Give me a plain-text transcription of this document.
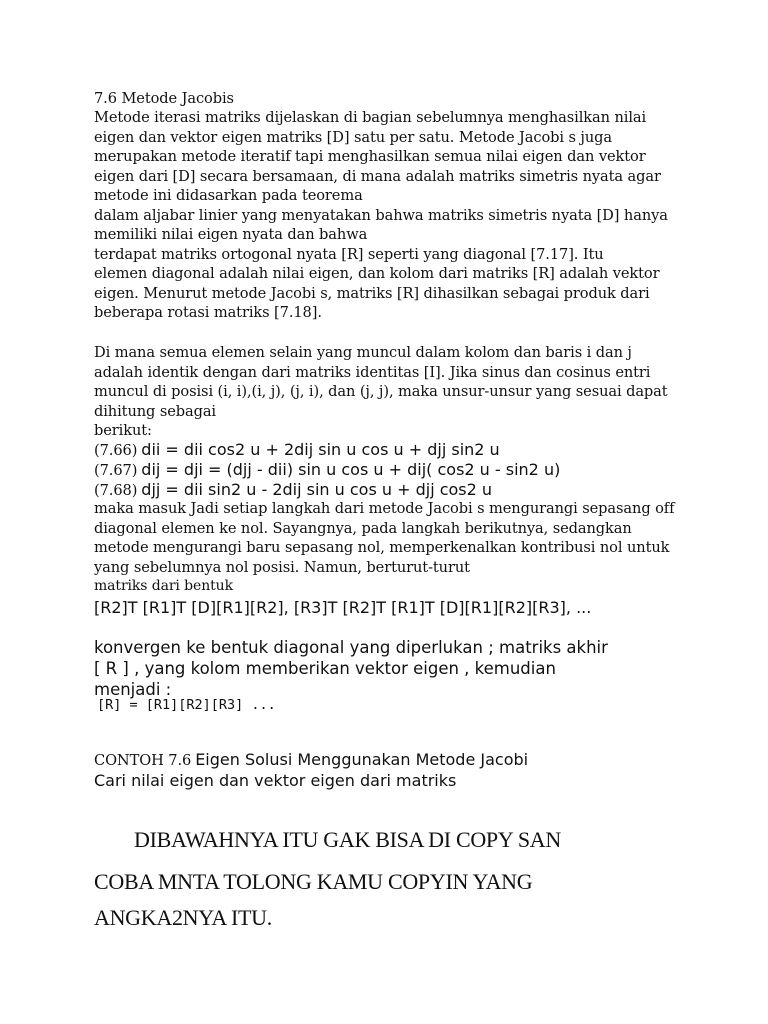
7.6 Metode Jacobis
Metode iterasi matriks dijelaskan di bagian sebelumnya menghasilkan nilai
eigen dan vektor eigen matriks [D] satu per satu. Metode Jacobi s juga
merupakan metode iteratif tapi menghasilkan semua nilai eigen dan vektor
eigen dari [D] secara bersamaan, di mana adalah matriks simetris nyata agar
metode ini didasarkan pada teorema
dalam aljabar linier yang menyatakan bahwa matriks simetris nyata [D] hanya
memiliki nilai eigen nyata dan bahwa
terdapat matriks ortogonal nyata [R] seperti yang diagonal [7.17]. Itu
elemen diagonal adalah nilai eigen, dan kolom dari matriks [R] adalah vektor
eigen. Menurut metode Jacobi s, matriks [R] dihasilkan sebagai produk dari
beberapa rotasi matriks [7.18].
Di mana semua elemen selain yang muncul dalam kolom dan baris i dan j
adalah identik dengan dari matriks identitas [I]. Jika sinus dan cosinus entri
muncul di posisi (i, i),(i, j), (j, i), dan (j, j), maka unsur-unsur yang sesuai dapat
dihitung sebagai
berikut:
(7.66) dii = dii cos2 u + 2dij sin u cos u + djj sin2 u
(7.67) dij = dji = (djj - dii) sin u cos u + dij( cos2 u - sin2 u)
(7.68) djj = dii sin2 u - 2dij sin u cos u + djj cos2 u
maka masuk Jadi setiap langkah dari metode Jacobi s mengurangi sepasang off
diagonal elemen ke nol. Sayangnya, pada langkah berikutnya, sedangkan
metode mengurangi baru sepasang nol, memperkenalkan kontribusi nol untuk
yang sebelumnya nol posisi. Namun, berturut-turut
matriks dari bentuk
[R2]T [R1]T [D][R1][R2], [R3]T [R2]T [R1]T [D][R1][R2][R3], ...
konvergen ke bentuk diagonal yang diperlukan ; matriks akhir
[ R ] , yang kolom memberikan vektor eigen , kemudian
menjadi :
[R] = [R1][R2][R3] ...
CONTOH 7.6 Eigen Solusi Menggunakan Metode Jacobi
Cari nilai eigen dan vektor eigen dari matriks
DIBAWAHNYA ITU GAK BISA DI COPY SAN
COBA MNTA TOLONG KAMU COPYIN YANG
ANGKA2NYA ITU.
